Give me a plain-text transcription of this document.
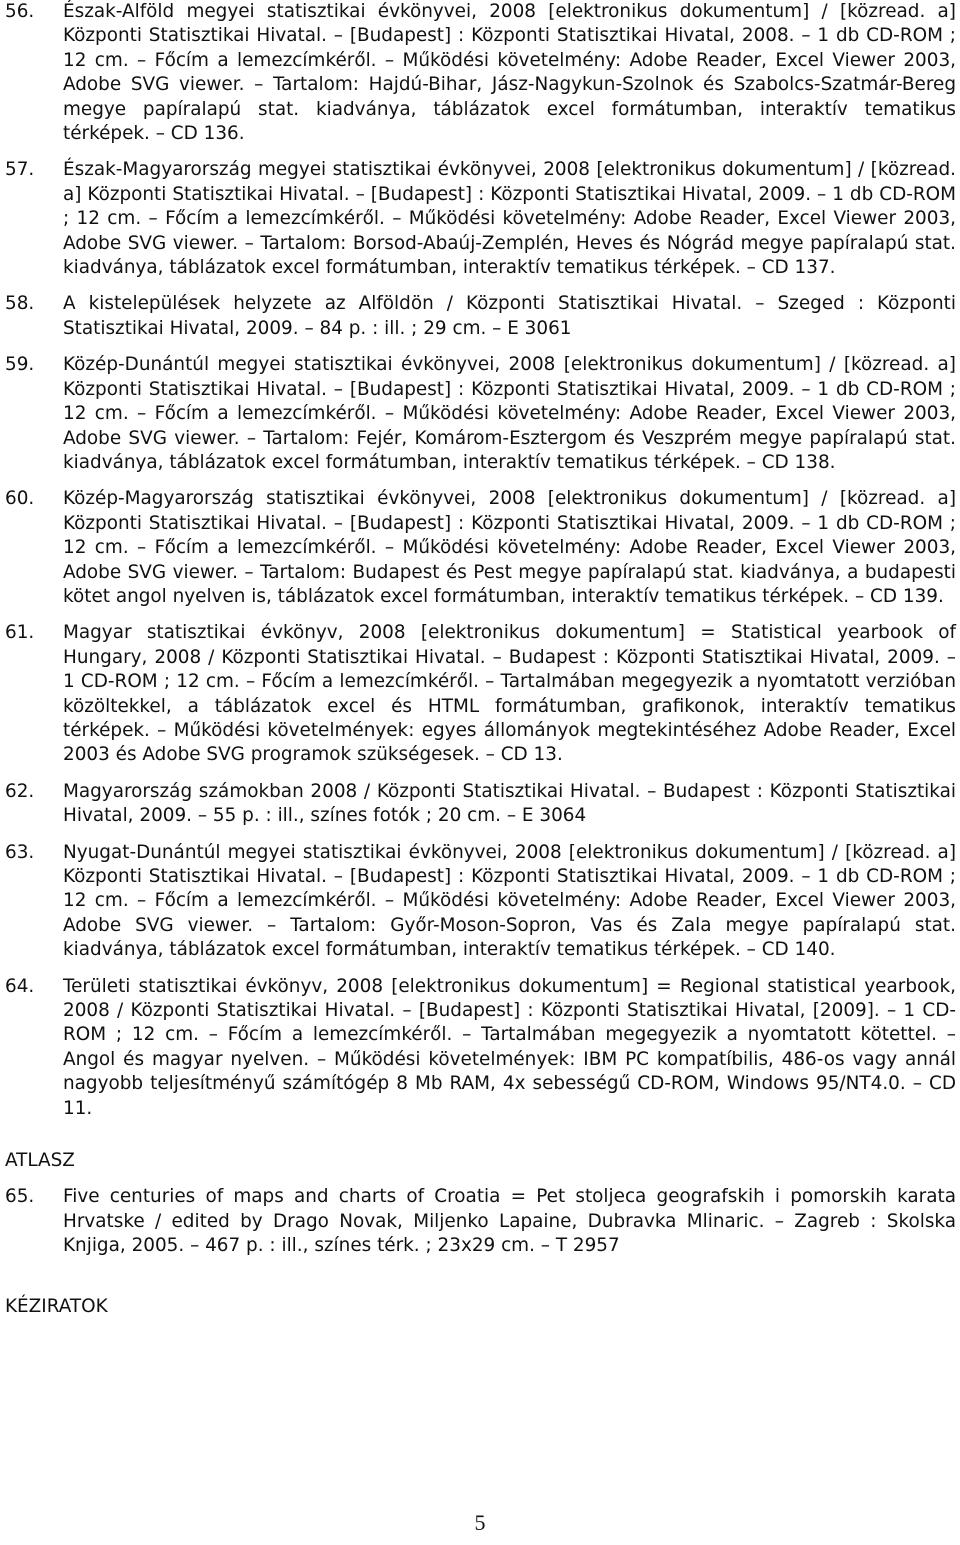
56.	Észak-Alföld megyei statisztikai évkönyvei, 2008 [elektronikus dokumentum] / [közread. a] Központi Statisztikai Hivatal. – [Budapest] : Központi Statisztikai Hivatal, 2008. – 1 db CD-ROM ; 12 cm. – Főcím a lemezcímkéről. – Működési követelmény: Adobe Reader, Excel Viewer 2003, Adobe SVG viewer. – Tartalom: Hajdú-Bihar, Jász-Nagykun-Szolnok és Szabolcs-Szatmár-Bereg megye papíralapú stat. kiadványa, táblázatok excel formátumban, interaktív tematikus térképek. – CD 136.
57.	Észak-Magyarország megyei statisztikai évkönyvei, 2008 [elektronikus dokumentum] / [közread. a] Központi Statisztikai Hivatal. – [Budapest] : Központi Statisztikai Hivatal, 2009. – 1 db CD-ROM ; 12 cm. – Főcím a lemezcímkéről. – Működési követelmény: Adobe Reader, Excel Viewer 2003, Adobe SVG viewer. – Tartalom: Borsod-Abaúj-Zemplén, Heves és Nógrád megye papíralapú stat. kiadványa, táblázatok excel formátumban, interaktív tematikus térképek. – CD 137.
58.	A kistelepülések helyzete az Alföldön / Központi Statisztikai Hivatal. – Szeged : Központi Statisztikai Hivatal, 2009. – 84 p. : ill. ; 29 cm. – E 3061
59.	Közép-Dunántúl megyei statisztikai évkönyvei, 2008 [elektronikus dokumentum] / [közread. a] Központi Statisztikai Hivatal. – [Budapest] : Központi Statisztikai Hivatal, 2009. – 1 db CD-ROM ; 12 cm. – Főcím a lemezcímkéről. – Működési követelmény: Adobe Reader, Excel Viewer 2003, Adobe SVG viewer. – Tartalom: Fejér, Komárom-Esztergom és Veszprém megye papíralapú stat. kiadványa, táblázatok excel formátumban, interaktív tematikus térképek. – CD 138.
60.	Közép-Magyarország statisztikai évkönyvei, 2008 [elektronikus dokumentum] / [közread. a] Központi Statisztikai Hivatal. – [Budapest] : Központi Statisztikai Hivatal, 2009. – 1 db CD-ROM ; 12 cm. – Főcím a lemezcímkéről. – Működési követelmény: Adobe Reader, Excel Viewer 2003, Adobe SVG viewer. – Tartalom: Budapest és Pest megye papíralapú stat. kiadványa, a budapesti kötet angol nyelven is, táblázatok excel formátumban, interaktív tematikus térképek. – CD 139.
61.	Magyar statisztikai évkönyv, 2008 [elektronikus dokumentum] = Statistical yearbook of Hungary, 2008 / Központi Statisztikai Hivatal. – Budapest : Központi Statisztikai Hivatal, 2009. – 1 CD-ROM ; 12 cm. – Főcím a lemezcímkéről. – Tartalmában megegyezik a nyomtatott verzióban közöltekkel, a táblázatok excel és HTML formátumban, grafikonok, interaktív tematikus térképek. – Működési követelmények: egyes állományok megtekintéséhez Adobe Reader, Excel 2003 és Adobe SVG programok szükségesek. – CD 13.
62.	Magyarország számokban 2008 / Központi Statisztikai Hivatal. – Budapest : Központi Statisztikai Hivatal, 2009. – 55 p. : ill., színes fotók ; 20 cm. – E 3064
63.	Nyugat-Dunántúl megyei statisztikai évkönyvei, 2008 [elektronikus dokumentum] / [közread. a] Központi Statisztikai Hivatal. – [Budapest] : Központi Statisztikai Hivatal, 2009. – 1 db CD-ROM ; 12 cm. – Főcím a lemezcímkéről. – Működési követelmény: Adobe Reader, Excel Viewer 2003, Adobe SVG viewer. – Tartalom: Győr-Moson-Sopron, Vas és Zala megye papíralapú stat. kiadványa, táblázatok excel formátumban, interaktív tematikus térképek. – CD 140.
64.	Területi statisztikai évkönyv, 2008 [elektronikus dokumentum] = Regional statistical yearbook, 2008 / Központi Statisztikai Hivatal. – [Budapest] : Központi Statisztikai Hivatal, [2009]. – 1 CD-ROM ; 12 cm. – Főcím a lemezcímkéről. – Tartalmában megegyezik a nyomtatott kötettel. – Angol és magyar nyelven. – Működési követelmények: IBM PC kompatíbilis, 486-os vagy annál nagyobb teljesítményű számítógép 8 Mb RAM, 4x sebességű CD-ROM, Windows 95/NT4.0. – CD 11.
ATLASZ
65.	Five centuries of maps and charts of Croatia = Pet stoljeca geografskih i pomorskih karata Hrvatske / edited by Drago Novak, Miljenko Lapaine, Dubravka Mlinaric. – Zagreb : Skolska Knjiga, 2005. – 467 p. : ill., színes térk. ; 23x29 cm. – T 2957
KÉZIRATOK
5
